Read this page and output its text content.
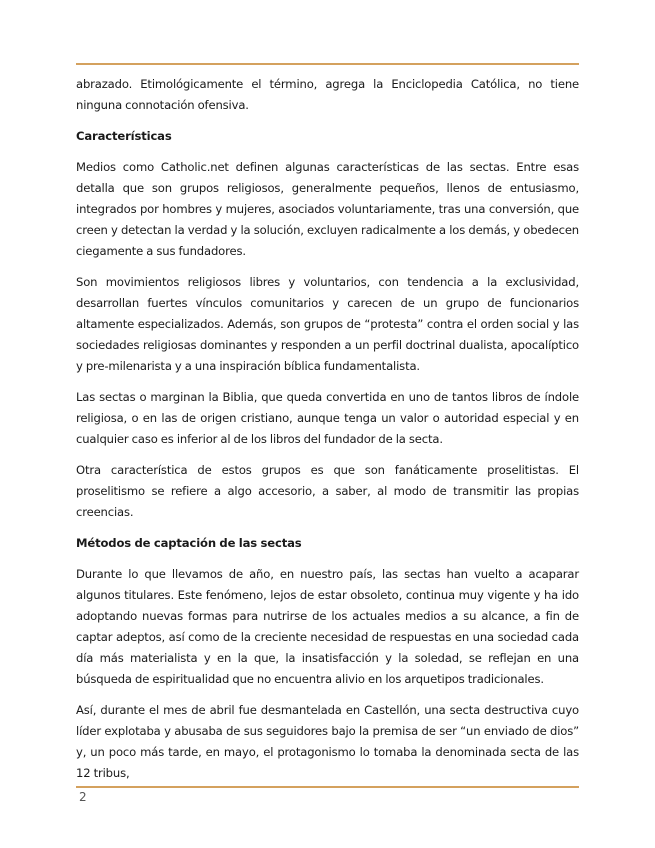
abrazado. Etimológicamente el término, agrega la Enciclopedia Católica, no tiene ninguna connotación ofensiva.

Características

Medios como Catholic.net definen algunas características de las sectas. Entre esas detalla que son grupos religiosos, generalmente pequeños, llenos de entusiasmo, integrados por hombres y mujeres, asociados voluntariamente, tras una conversión, que creen y detectan la verdad y la solución, excluyen radicalmente a los demás, y obedecen ciegamente a sus fundadores.

Son movimientos religiosos libres y voluntarios, con tendencia a la exclusividad, desarrollan fuertes vínculos comunitarios y carecen de un grupo de funcionarios altamente especializados. Además, son grupos de “protesta” contra el orden social y las sociedades religiosas dominantes y responden a un perfil doctrinal dualista, apocalíptico y pre-milenarista y a una inspiración bíblica fundamentalista.

Las sectas o marginan la Biblia, que queda convertida en uno de tantos libros de índole religiosa, o en las de origen cristiano, aunque tenga un valor o autoridad especial y en cualquier caso es inferior al de los libros del fundador de la secta.

Otra característica de estos grupos es que son fanáticamente proselitistas. El proselitismo se refiere a algo accesorio, a saber, al modo de transmitir las propias creencias.

Métodos de captación de las sectas

Durante lo que llevamos de año, en nuestro país, las sectas han vuelto a acaparar algunos titulares. Este fenómeno, lejos de estar obsoleto, continua muy vigente y ha ido adoptando nuevas formas para nutrirse de los actuales medios a su alcance, a fin de captar adeptos, así como de la creciente necesidad de respuestas en una sociedad cada día más materialista y en la que, la insatisfacción y la soledad, se reflejan en una búsqueda de espiritualidad que no encuentra alivio en los arquetipos tradicionales.

Así, durante el mes de abril fue desmantelada en Castellón, una secta destructiva cuyo líder explotaba y abusaba de sus seguidores bajo la premisa de ser “un enviado de dios” y, un poco más tarde, en mayo, el protagonismo lo tomaba la denominada secta de las 12 tribus,

2
